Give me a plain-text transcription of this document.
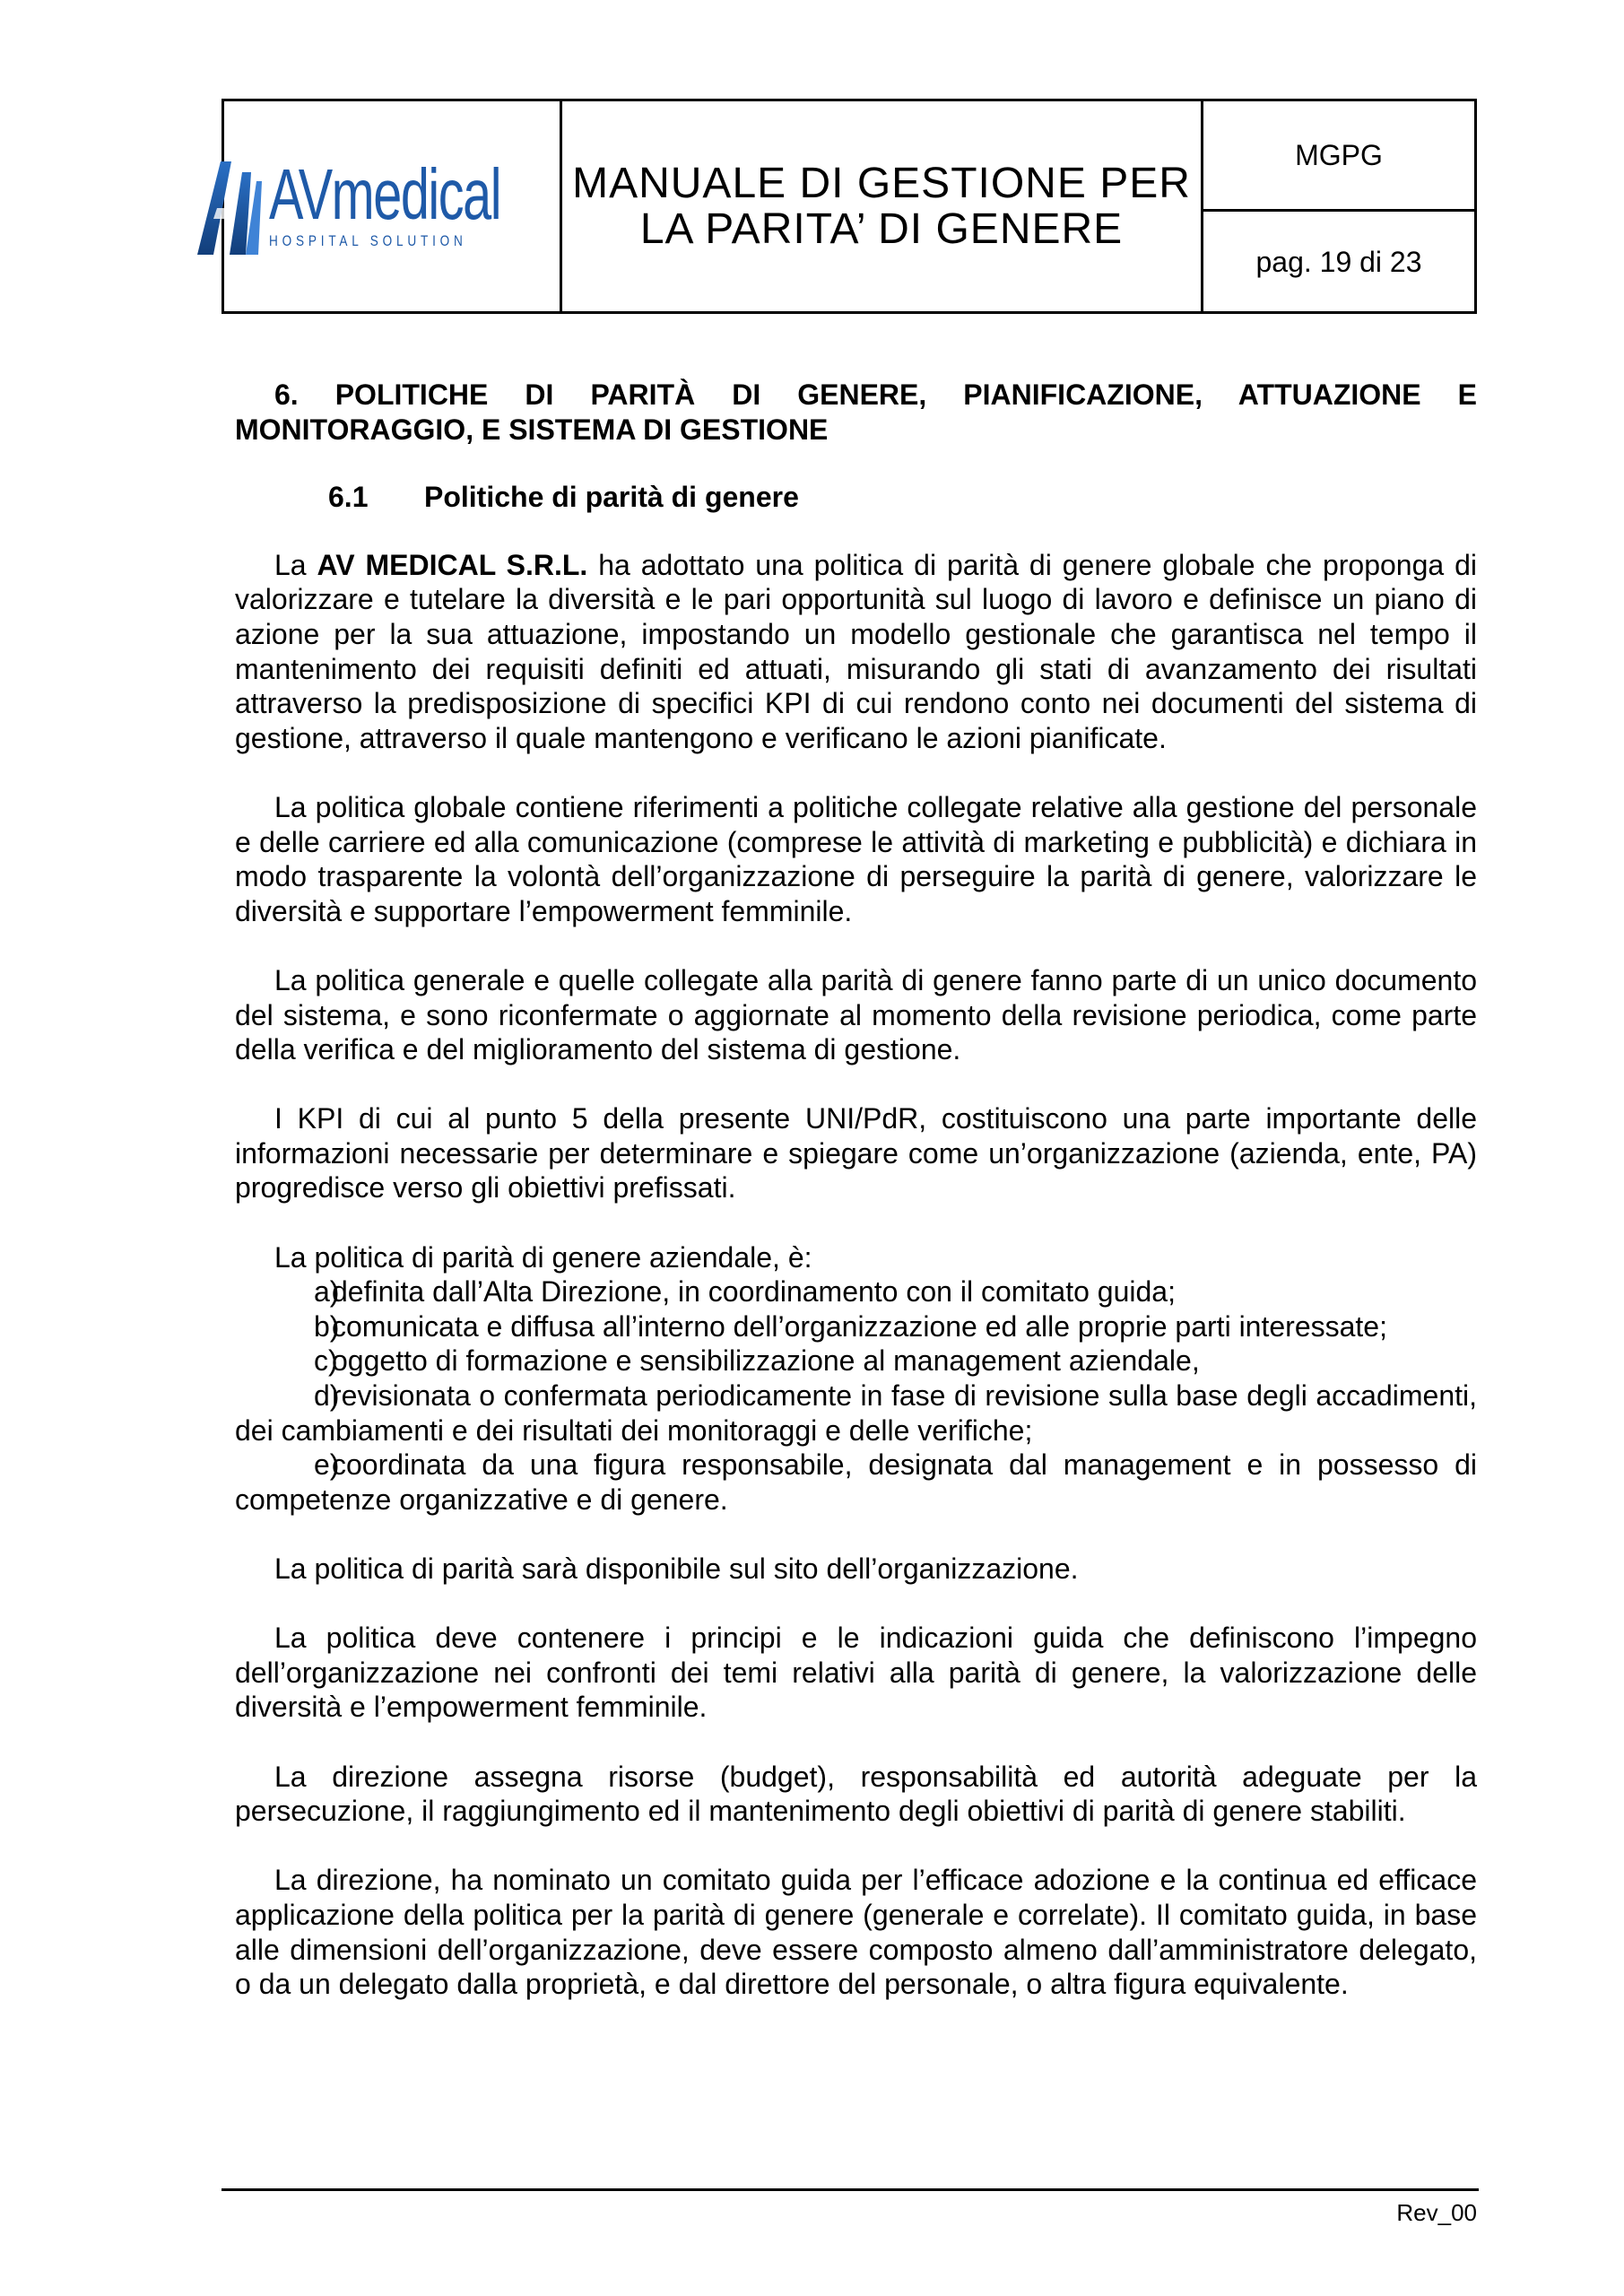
AVmedical
HOSPITAL SOLUTION
MANUALE DI GESTIONE PER LA PARITA’ DI GENERE
MGPG
pag. 19 di 23

6. POLITICHE DI PARITÀ DI GENERE, PIANIFICAZIONE, ATTUAZIONE E MONITORAGGIO, E SISTEMA DI GESTIONE

6.1 Politiche di parità di genere

La AV MEDICAL S.R.L. ha adottato una politica di parità di genere globale che proponga di valorizzare e tutelare la diversità e le pari opportunità sul luogo di lavoro e definisce un piano di azione per la sua attuazione, impostando un modello gestionale che garantisca nel tempo il mantenimento dei requisiti definiti ed attuati, misurando gli stati di avanzamento dei risultati attraverso la predisposizione di specifici KPI di cui rendono conto nei documenti del sistema di gestione, attraverso il quale mantengono e verificano le azioni pianificate.

La politica globale contiene riferimenti a politiche collegate relative alla gestione del personale e delle carriere ed alla comunicazione (comprese le attività di marketing e pubblicità) e dichiara in modo trasparente la volontà dell’organizzazione di perseguire la parità di genere, valorizzare le diversità e supportare l’empowerment femminile.

La politica generale e quelle collegate alla parità di genere fanno parte di un unico documento del sistema, e sono riconfermate o aggiornate al momento della revisione periodica, come parte della verifica e del miglioramento del sistema di gestione.

I KPI di cui al punto 5 della presente UNI/PdR, costituiscono una parte importante delle informazioni necessarie per determinare e spiegare come un’organizzazione (azienda, ente, PA) progredisce verso gli obiettivi prefissati.

La politica di parità di genere aziendale, è:

a)definita dall’Alta Direzione, in coordinamento con il comitato guida;

b)comunicata e diffusa all’interno dell’organizzazione ed alle proprie parti interessate;

c)oggetto di formazione e sensibilizzazione al management aziendale,

d)revisionata o confermata periodicamente in fase di revisione sulla base degli accadimenti, dei cambiamenti e dei risultati dei monitoraggi e delle verifiche;

e)coordinata da una figura responsabile, designata dal management e in possesso di competenze organizzative e di genere.

La politica di parità sarà disponibile sul sito dell’organizzazione.

La politica deve contenere i principi e le indicazioni guida che definiscono l’impegno dell’organizzazione nei confronti dei temi relativi alla parità di genere, la valorizzazione delle diversità e l’empowerment femminile.

La direzione assegna risorse (budget), responsabilità ed autorità adeguate per la persecuzione, il raggiungimento ed il mantenimento degli obiettivi di parità di genere stabiliti.

La direzione, ha nominato un comitato guida per l’efficace adozione e la continua ed efficace applicazione della politica per la parità di genere (generale e correlate). Il comitato guida, in base alle dimensioni dell’organizzazione, deve essere composto almeno dall’amministratore delegato, o da un delegato dalla proprietà, e dal direttore del personale, o altra figura equivalente.

Rev_00
